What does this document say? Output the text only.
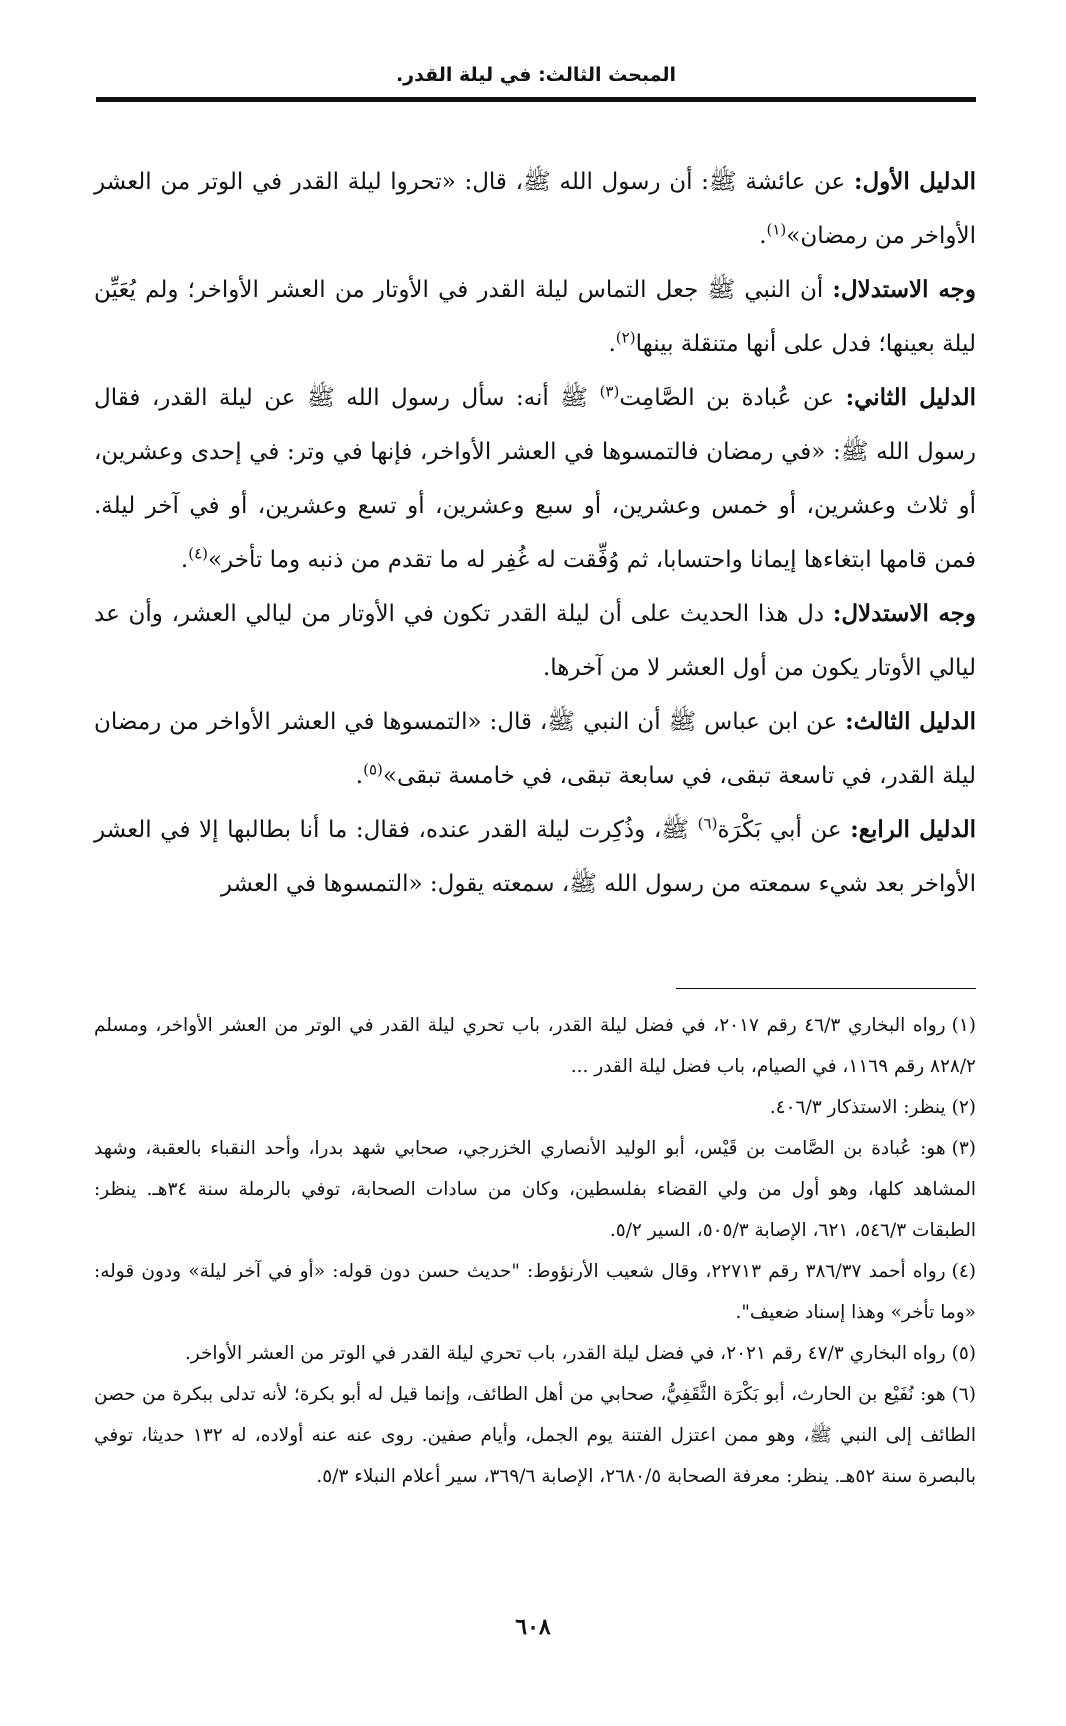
المبحث الثالث: في ليلة القدر.

الدليل الأول: عن عائشة ﷺ: أن رسول الله ﷺ، قال: «تحروا ليلة القدر في الوتر من العشر الأواخر من رمضان»$^{(١)}$.

وجه الاستدلال: أن النبي ﷺ جعل التماس ليلة القدر في الأوتار من العشر الأواخر؛ ولم يُعَيِّن ليلة بعينها؛ فدل على أنها متنقلة بينها$^{(٢)}$.

الدليل الثاني: عن عُبادة بن الصَّامِت$^{(٣)}$ ﷺ أنه: سأل رسول الله ﷺ عن ليلة القدر، فقال رسول الله ﷺ: «في رمضان فالتمسوها في العشر الأواخر، فإنها في وتر: في إحدى وعشرين، أو ثلاث وعشرين، أو خمس وعشرين، أو سبع وعشرين، أو تسع وعشرين، أو في آخر ليلة. فمن قامها ابتغاءها إيمانا واحتسابا، ثم وُفِّقت له غُفِر له ما تقدم من ذنبه وما تأخر»$^{(٤)}$.

وجه الاستدلال: دل هذا الحديث على أن ليلة القدر تكون في الأوتار من ليالي العشر، وأن عد ليالي الأوتار يكون من أول العشر لا من آخرها.

الدليل الثالث: عن ابن عباس ﷺ أن النبي ﷺ، قال: «التمسوها في العشر الأواخر من رمضان ليلة القدر، في تاسعة تبقى، في سابعة تبقى، في خامسة تبقى»$^{(٥)}$.

الدليل الرابع: عن أبي بَكْرَة$^{(٦)}$ ﷺ، وذُكِرت ليلة القدر عنده، فقال: ما أنا بطالبها إلا في العشر الأواخر بعد شيء سمعته من رسول الله ﷺ، سمعته يقول: «التمسوها في العشر

(١)رواه البخاري ٤٦/٣ رقم ٢٠١٧، في فضل ليلة القدر، باب تحري ليلة القدر في الوتر من العشر الأواخر، ومسلم ٨٢٨/٢ رقم ١١٦٩، في الصيام، باب فضل ليلة القدر ...

(٢)ينظر: الاستذكار ٤٠٦/٣.

(٣)هو: عُبادة بن الصَّامت بن قَيْس، أبو الوليد الأنصاري الخزرجي، صحابي شهد بدرا، وأحد النقباء بالعقبة، وشهد المشاهد كلها، وهو أول من ولي القضاء بفلسطين، وكان من سادات الصحابة، توفي بالرملة سنة ٣٤هـ. ينظر: الطبقات ٥٤٦/٣، ٦٢١، الإصابة ٥٠٥/٣، السير ٥/٢.

(٤)رواه أحمد ٣٨٦/٣٧ رقم ٢٢٧١٣، وقال شعيب الأرنؤوط: "حديث حسن دون قوله: «أو في آخر ليلة» ودون قوله: «وما تأخر» وهذا إسناد ضعيف".

(٥)رواه البخاري ٤٧/٣ رقم ٢٠٢١، في فضل ليلة القدر، باب تحري ليلة القدر في الوتر من العشر الأواخر.

(٦)هو: نُفَيْع بن الحارث، أبو بَكْرَة الثَّقَفِيُّ، صحابي من أهل الطائف، وإنما قيل له أبو بكرة؛ لأنه تدلى ببكرة من حصن الطائف إلى النبي ﷺ، وهو ممن اعتزل الفتنة يوم الجمل، وأيام صفين. روى عنه عنه أولاده، له ١٣٢ حديثا، توفي بالبصرة سنة ٥٢هـ. ينظر: معرفة الصحابة ٢٦٨٠/٥، الإصابة ٣٦٩/٦، سير أعلام النبلاء ٥/٣.

٦٠٨
